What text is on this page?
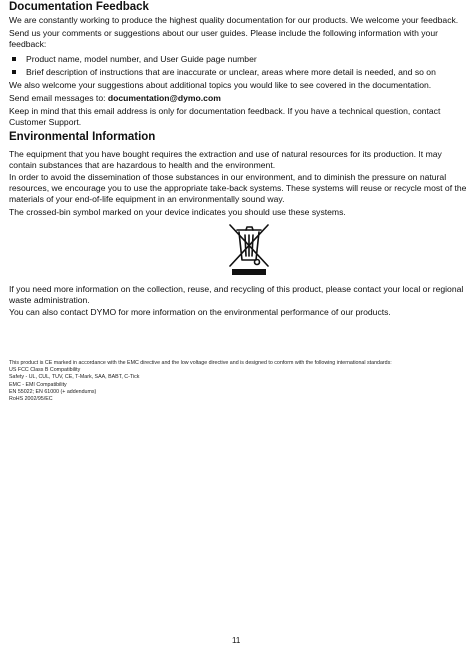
Documentation Feedback

We are constantly working to produce the highest quality documentation for our products. We welcome your feedback.

Send us your comments or suggestions about our user guides. Please include the following information with your feedback:

Product name, model number, and User Guide page number
Brief description of instructions that are inaccurate or unclear, areas where more detail is needed, and so on

We also welcome your suggestions about additional topics you would like to see covered in the documentation.

Send email messages to: documentation@dymo.com

Keep in mind that this email address is only for documentation feedback. If you have a technical question, contact Customer Support.

Environmental Information

The equipment that you have bought requires the extraction and use of natural resources for its production. It may contain substances that are hazardous to health and the environment.

In order to avoid the dissemination of those substances in our environment, and to diminish the pressure on natural resources, we encourage you to use the appropriate take-back systems. These systems will reuse or recycle most of the materials of your end-of-life equipment in an environmentally sound way.

The crossed-bin symbol marked on your device indicates you should use these systems.

If you need more information on the collection, reuse, and recycling of this product, please contact your local or regional waste administration.

You can also contact DYMO for more information on the environmental performance of our products.

This product is CE marked in accordance with the EMC directive and the low voltage directive and is designed to conform with the following international standards:
US FCC Class B Compatibility
Safety - UL, CUL, TUV, CE, T-Mark, SAA, BABT, C-Tick
EMC - EMI Compatibility
EN 55022; EN 61000 (+ addendums)
RoHS 2002/95/EC
11
